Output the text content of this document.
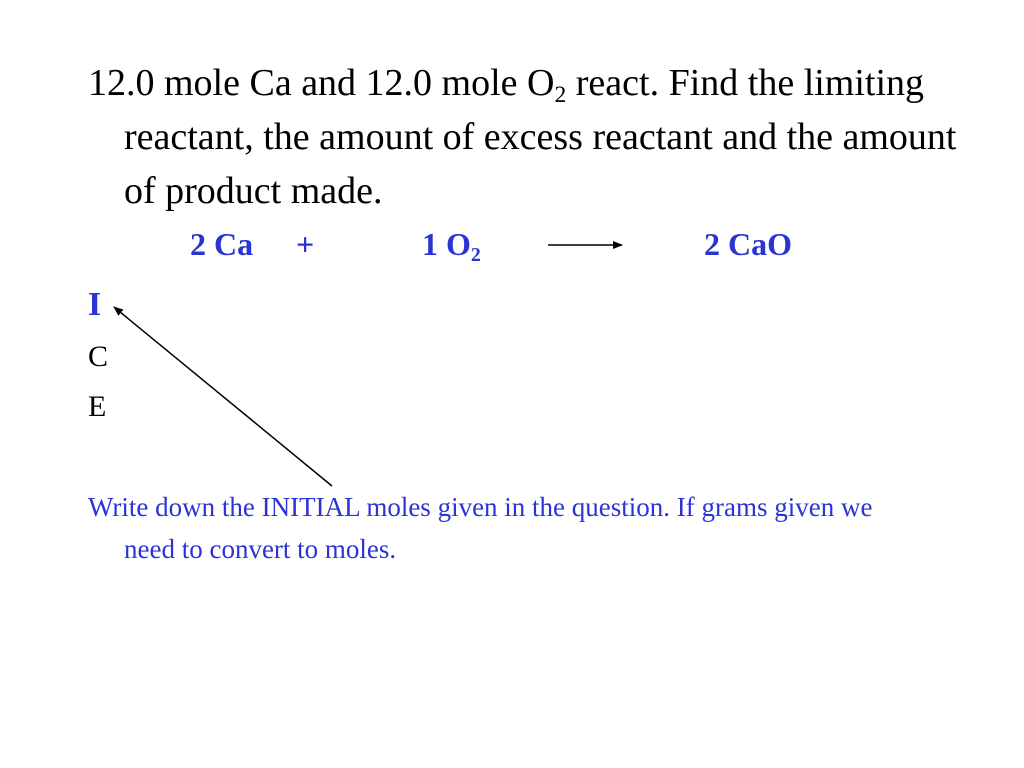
12.0 mole Ca and 12.0 mole $O_2$ react. Find the limiting reactant, the amount of excess reactant and the amount of product made.
2 Ca +	1 $O_2$	2 CaO
I
C
E
Write down the INITIAL moles given in the question. If grams given we need to convert to moles.
